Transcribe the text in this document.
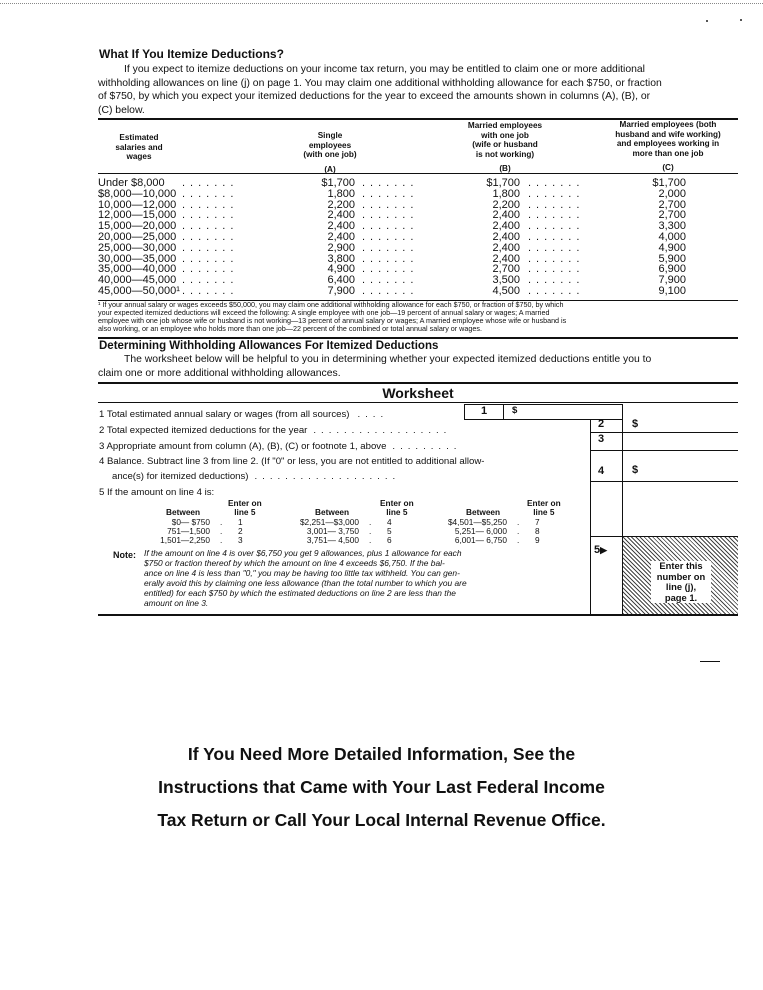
What If You Itemize Deductions?
If you expect to itemize deductions on your income tax return, you may be entitled to claim one or more additional
withholding allowances on line (j) on page 1. You may claim one additional withholding allowance for each $750, or fraction
of $750, by which you expect your itemized deductions for the year to exceed the amounts shown in columns (A), (B), or
(C) below.
Estimated
salaries and
wages
Single
employees
(with one job)
(A)
Married employees
with one job
(wife or husband
is not working)
(B)
Married employees (both
husband and wife working)
and employees working in
more than one job
(C)
Under $8,000 .......	$1,700 .......	$1,700 .......	$1,700
$8,000—10,000 .......	1,800 .......	1,800 .......	2,000
10,000—12,000 .......	2,200 .......	2,200 .......	2,700
12,000—15,000 .......	2,400 .......	2,400 .......	2,700
15,000—20,000 .......	2,400 .......	2,400 .......	3,300
20,000—25,000 .......	2,400 .......	2,400 .......	4,000
25,000—30,000 .......	2,900 .......	2,400 .......	4,900
30,000—35,000 .......	3,800 .......	2,400 .......	5,900
35,000—40,000 .......	4,900 .......	2,700 .......	6,900
40,000—45,000 .......	6,400 .......	3,500 .......	7,900
45,000—50,000¹ .......	7,900 .......	4,500 .......	9,100
¹ If your annual salary or wages exceeds $50,000, you may claim one additional withholding allowance for each $750, or fraction of $750, by which
your expected itemized deductions will exceed the following: A single employee with one job—19 percent of annual salary or wages; A married
employee with one job whose wife or husband is not working—13 percent of annual salary or wages; A married employee whose wife or husband is
also working, or an employee who holds more than one job—22 percent of the combined or total annual salary or wages.
Determining Withholding Allowances For Itemized Deductions
The worksheet below will be helpful to you in determining whether your expected itemized deductions entitle you to
claim one or more additional withholding allowances.
Worksheet
1 Total estimated annual salary or wages (from all sources) ....	1	$
2 Total expected itemized deductions for the year ..................
2	$
3 Appropriate amount from column (A), (B), (C) or footnote 1, above .........
3
4 Balance. Subtract line 3 from line 2. (If "0" or less, you are not entitled to additional allow-
ance(s) for itemized deductions) ...................	4	$
5 If the amount on line 4 is:
Enter on
line 5
Between
Enter on
line 5
Between
Enter on
line 5
Between
$0— $750 . 1
751—1,500 . 2
1,501—2,250 . 3
$2,251—$3,000 . 4
3,001— 3,750 . 5
3,751— 4,500 . 6
$4,501—$5,250 . 7
5,251— 6,000 . 8
6,001— 6,750 . 9
5▶
Enter this
number on
line (j),
page 1.
Note: If the amount on line 4 is over $6,750 you get 9 allowances, plus 1 allowance for each
$750 or fraction thereof by which the amount on line 4 exceeds $6,750. If the bal-
ance on line 4 is less than "0," you may be having too little tax withheld. You can gen-
erally avoid this by claiming one less allowance (than the total number to which you are
entitled) for each $750 by which the estimated deductions on line 2 are less than the
amount on line 3.
If You Need More Detailed Information, See the
Instructions that Came with Your Last Federal Income
Tax Return or Call Your Local Internal Revenue Office.
